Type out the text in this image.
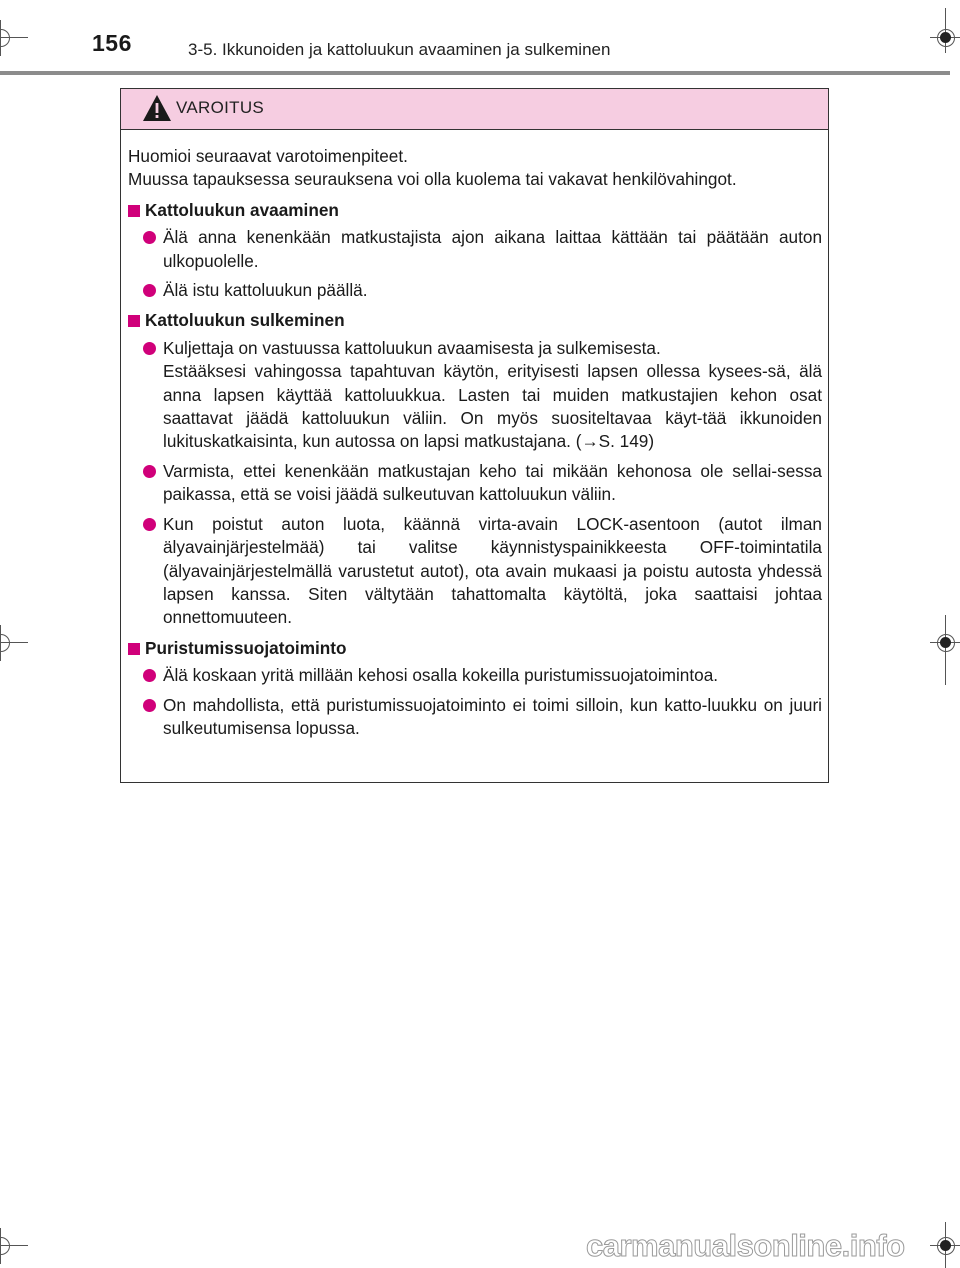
156	3-5. Ikkunoiden ja kattoluukun avaaminen ja sulkeminen
VAROITUS

Huomioi seuraavat varotoimenpiteet.

Muussa tapauksessa seurauksena voi olla kuolema tai vakavat henkilövahingot.

Kattoluukun avaaminen

Älä anna kenenkään matkustajista ajon aikana laittaa kättään tai päätään auton ulkopuolelle.

Älä istu kattoluukun päällä.

Kattoluukun sulkeminen

Kuljettaja on vastuussa kattoluukun avaamisesta ja sulkemisesta.

Estääksesi vahingossa tapahtuvan käytön, erityisesti lapsen ollessa kysees-sä, älä anna lapsen käyttää kattoluukkua. Lasten tai muiden matkustajien kehon osat saattavat jäädä kattoluukun väliin. On myös suositeltavaa käyt-tää ikkunoiden lukituskatkaisinta, kun autossa on lapsi matkustajana. (→S. 149)

Varmista, ettei kenenkään matkustajan keho tai mikään kehonosa ole sellai-sessa paikassa, että se voisi jäädä sulkeutuvan kattoluukun väliin.

Kun poistut auton luota, käännä virta-avain LOCK-asentoon (autot ilman älyavainjärjestelmää) tai valitse käynnistyspainikkeesta OFF-toimintatila (älyavainjärjestelmällä varustetut autot), ota avain mukaasi ja poistu autosta yhdessä lapsen kanssa. Siten vältytään tahattomalta käytöltä, joka saattaisi johtaa onnettomuuteen.

Puristumissuojatoiminto

Älä koskaan yritä millään kehosi osalla kokeilla puristumissuojatoimintoa.

On mahdollista, että puristumissuojatoiminto ei toimi silloin, kun katto-luukku on juuri sulkeutumisensa lopussa.

carmanualsonline.info
